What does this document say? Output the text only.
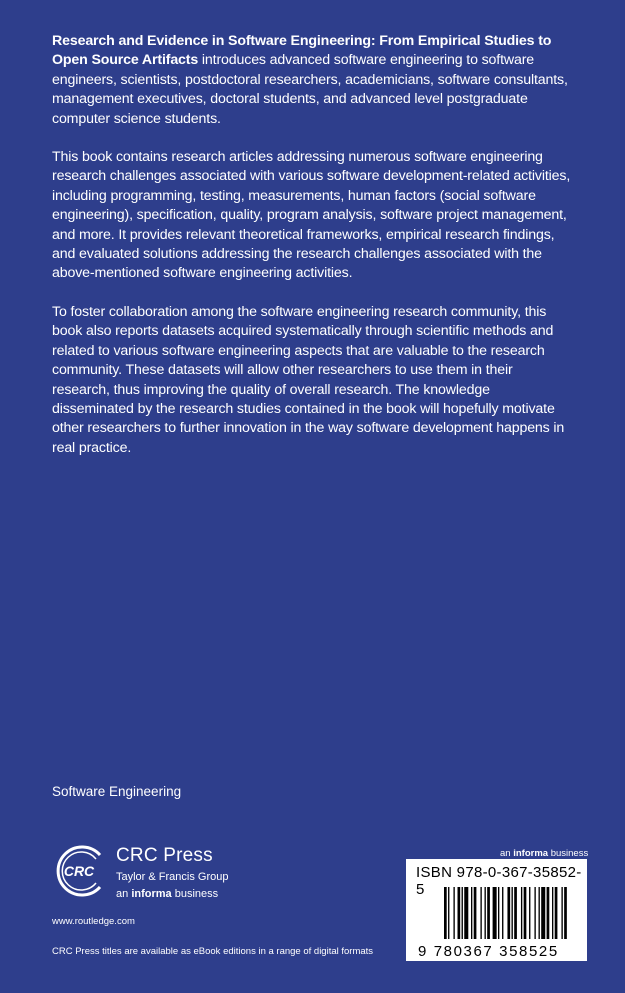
Research and Evidence in Software Engineering: From Empirical Studies to Open Source Artifacts introduces advanced software engineering to software engineers, scientists, postdoctoral researchers, academicians, software consultants, management executives, doctoral students, and advanced level postgraduate computer science students.

This book contains research articles addressing numerous software engineering research challenges associated with various software development-related activities, including programming, testing, measurements, human factors (social software engineering), specification, quality, program analysis, software project management, and more. It provides relevant theoretical frameworks, empirical research findings, and evaluated solutions addressing the research challenges associated with the above-mentioned software engineering activities.

To foster collaboration among the software engineering research community, this book also reports datasets acquired systematically through scientific methods and related to various software engineering aspects that are valuable to the research community. These datasets will allow other researchers to use them in their research, thus improving the quality of overall research. The knowledge disseminated by the research studies contained in the book will hopefully motivate other researchers to further innovation in the way software development happens in real practice.

Software Engineering
CRC
CRC Press
Taylor & Francis Group
an informa business
www.routledge.com
CRC Press titles are available as eBook editions in a range of digital formats
an informa business
ISBN 978-0-367-35852-5
9 780367 358525
